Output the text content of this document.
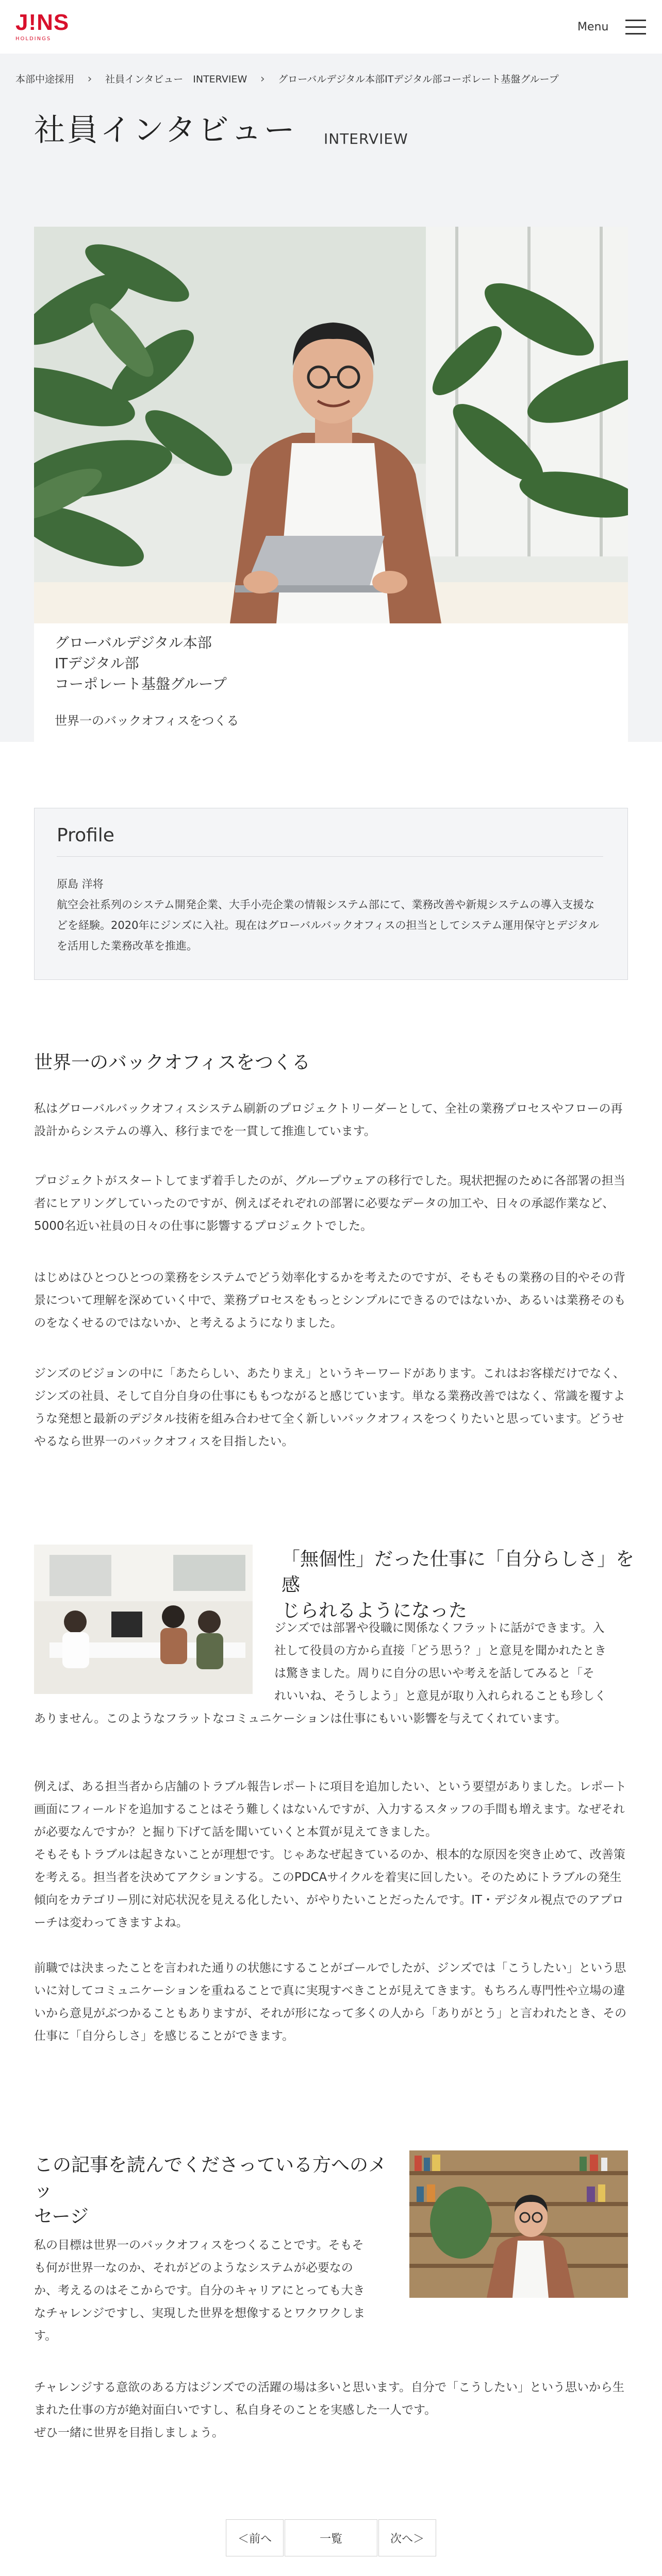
J!NS
HOLDINGS
Menu
本部中途採用 › 社員インタビュー　INTERVIEW › グローバルデジタル本部ITデジタル部コーポレート基盤グループ
社員インタビュー INTERVIEW
グローバルデジタル本部
ITデジタル部
コーポレート基盤グループ
世界一のバックオフィスをつくる
Profile
原島 洋将
航空会社系列のシステム開発企業、大手小売企業の情報システム部にて、業務改善や新規システムの導入支援などを経験。2020年にジンズに入社。現在はグローバルバックオフィスの担当としてシステム運用保守とデジタルを活用した業務改革を推進。
世界一のバックオフィスをつくる
私はグローバルバックオフィスシステム刷新のプロジェクトリーダーとして、全社の業務プロセスやフローの再設計からシステムの導入、移行までを一貫して推進しています。
プロジェクトがスタートしてまず着手したのが、グループウェアの移行でした。現状把握のために各部署の担当者にヒアリングしていったのですが、例えばそれぞれの部署に必要なデータの加工や、日々の承認作業など、5000名近い社員の日々の仕事に影響するプロジェクトでした。
はじめはひとつひとつの業務をシステムでどう効率化するかを考えたのですが、そもそもの業務の目的やその背景について理解を深めていく中で、業務プロセスをもっとシンプルにできるのではないか、あるいは業務そのものをなくせるのではないか、と考えるようになりました。
ジンズのビジョンの中に「あたらしい、あたりまえ」というキーワードがあります。これはお客様だけでなく、ジンズの社員、そして自分自身の仕事にももつながると感じています。単なる業務改善ではなく、常識を覆すような発想と最新のデジタル技術を組み合わせて全く新しいバックオフィスをつくりたいと思っています。どうせやるなら世界一のバックオフィスを目指したい。
「無個性」だった仕事に「自分らしさ」を感
じられるようになった
ジンズでは部署や役職に関係なくフラットに話ができます。入
社して役員の方から直接「どう思う？」と意見を聞かれたとき
は驚きました。周りに自分の思いや考えを話してみると「そ
れいいね、そうしよう」と意見が取り入れられることも珍しく
ありません。このようなフラットなコミュニケーションは仕事にもいい影響を与えてくれています。
例えば、ある担当者から店舗のトラブル報告レポートに項目を追加したい、という要望がありました。レポート画面にフィールドを追加することはそう難しくはないんですが、入力するスタッフの手間も増えます。なぜそれが必要なんですか？と掘り下げて話を聞いていくと本質が見えてきました。
そもそもトラブルは起きないことが理想です。じゃあなぜ起きているのか、根本的な原因を突き止めて、改善策を考える。担当者を決めてアクションする。このPDCAサイクルを着実に回したい。そのためにトラブルの発生傾向をカテゴリー別に対応状況を見える化したい、がやりたいことだったんです。IT・デジタル視点でのアプローチは変わってきますよね。
前職では決まったことを言われた通りの状態にすることがゴールでしたが、ジンズでは「こうしたい」という思いに対してコミュニケーションを重ねることで真に実現すべきことが見えてきます。もちろん専門性や立場の違いから意見がぶつかることもありますが、それが形になって多くの人から「ありがとう」と言われたとき、その仕事に「自分らしさ」を感じることができます。
この記事を読んでくださっている方へのメッ
セージ
私の目標は世界一のバックオフィスをつくることです。そもそ
も何が世界一なのか、それがどのようなシステムが必要なの
か、考えるのはそこからです。自分のキャリアにとっても大き
なチャレンジですし、実現した世界を想像するとワクワクしま
す。
チャレンジする意欲のある方はジンズでの活躍の場は多いと思います。自分で「こうしたい」という思いから生まれた仕事の方が絶対面白いですし、私自身そのことを実感した一人です。
ぜひ一緒に世界を目指しましょう。
＜前へ	一覧	次へ＞
